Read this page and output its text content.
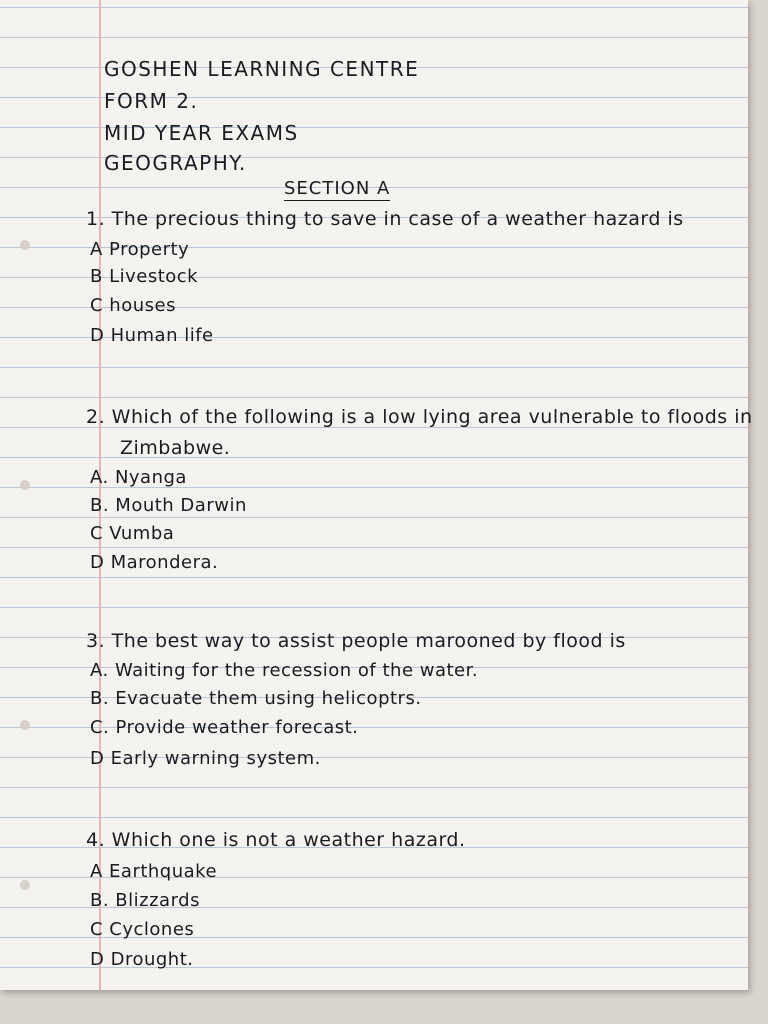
GOSHEN LEARNING CENTRE
FORM 2.
MID YEAR EXAMS
GEOGRAPHY.
SECTION A
1. The precious thing to save in case of a weather hazard is
A Property
B Livestock
C houses
D Human life
2. Which of the following is a low lying area vulnerable to floods in
Zimbabwe.
A. Nyanga
B. Mouth Darwin
C Vumba
D Marondera.
3. The best way to assist people marooned by flood is
A. Waiting for the recession of the water.
B. Evacuate them using helicoptrs.
C. Provide weather forecast.
D Early warning system.
4. Which one is not a weather hazard.
A Earthquake
B. Blizzards
C Cyclones
D Drought.
